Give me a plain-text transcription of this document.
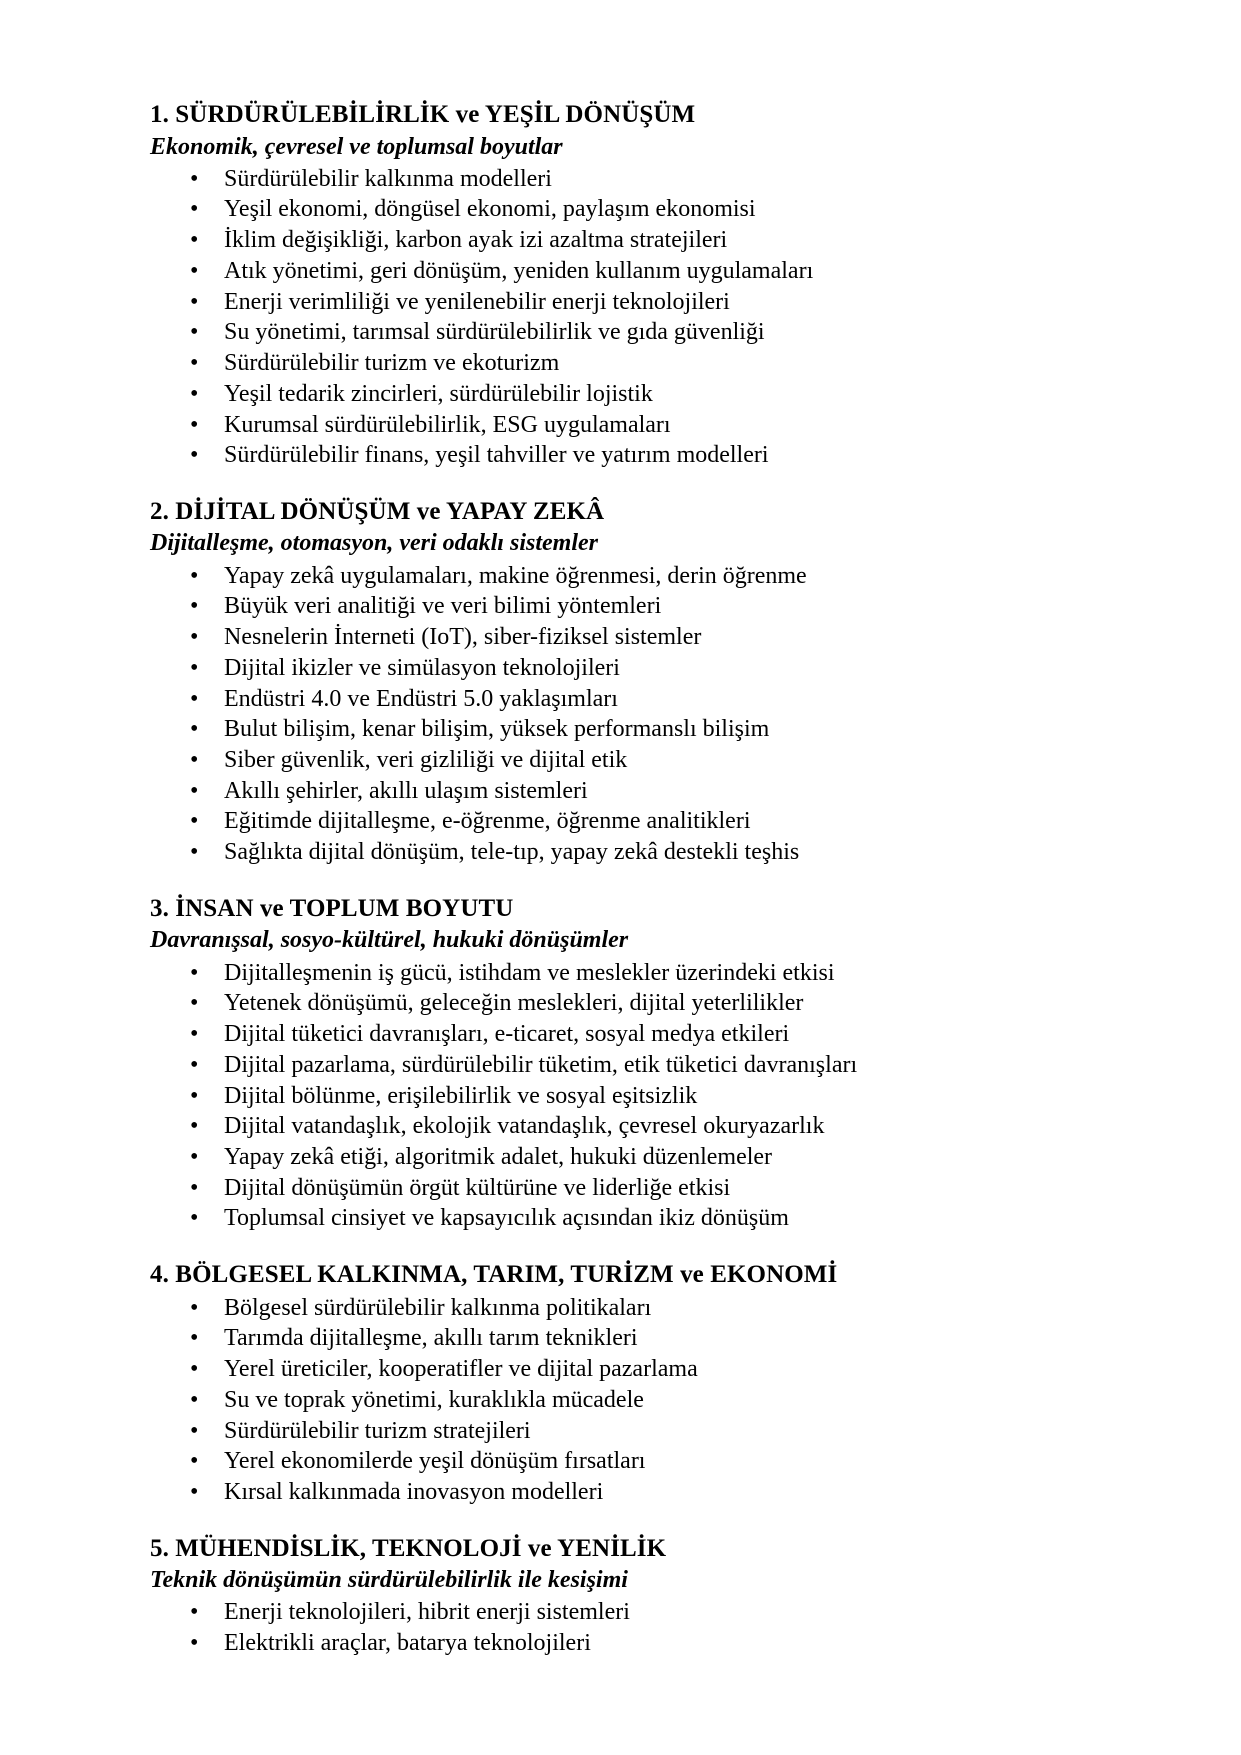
1. SÜRDÜRÜLEBİLİRLİK ve YEŞİL DÖNÜŞÜM
Ekonomik, çevresel ve toplumsal boyutlar
• Sürdürülebilir kalkınma modelleri
• Yeşil ekonomi, döngüsel ekonomi, paylaşım ekonomisi
• İklim değişikliği, karbon ayak izi azaltma stratejileri
• Atık yönetimi, geri dönüşüm, yeniden kullanım uygulamaları
• Enerji verimliliği ve yenilenebilir enerji teknolojileri
• Su yönetimi, tarımsal sürdürülebilirlik ve gıda güvenliği
• Sürdürülebilir turizm ve ekoturizm
• Yeşil tedarik zincirleri, sürdürülebilir lojistik
• Kurumsal sürdürülebilirlik, ESG uygulamaları
• Sürdürülebilir finans, yeşil tahviller ve yatırım modelleri
2. DİJİTAL DÖNÜŞÜM ve YAPAY ZEKÂ
Dijitalleşme, otomasyon, veri odaklı sistemler
• Yapay zekâ uygulamaları, makine öğrenmesi, derin öğrenme
• Büyük veri analitiği ve veri bilimi yöntemleri
• Nesnelerin İnterneti (IoT), siber-fiziksel sistemler
• Dijital ikizler ve simülasyon teknolojileri
• Endüstri 4.0 ve Endüstri 5.0 yaklaşımları
• Bulut bilişim, kenar bilişim, yüksek performanslı bilişim
• Siber güvenlik, veri gizliliği ve dijital etik
• Akıllı şehirler, akıllı ulaşım sistemleri
• Eğitimde dijitalleşme, e-öğrenme, öğrenme analitikleri
• Sağlıkta dijital dönüşüm, tele-tıp, yapay zekâ destekli teşhis
3. İNSAN ve TOPLUM BOYUTU
Davranışsal, sosyo-kültürel, hukuki dönüşümler
• Dijitalleşmenin iş gücü, istihdam ve meslekler üzerindeki etkisi
• Yetenek dönüşümü, geleceğin meslekleri, dijital yeterlilikler
• Dijital tüketici davranışları, e-ticaret, sosyal medya etkileri
• Dijital pazarlama, sürdürülebilir tüketim, etik tüketici davranışları
• Dijital bölünme, erişilebilirlik ve sosyal eşitsizlik
• Dijital vatandaşlık, ekolojik vatandaşlık, çevresel okuryazarlık
• Yapay zekâ etiği, algoritmik adalet, hukuki düzenlemeler
• Dijital dönüşümün örgüt kültürüne ve liderliğe etkisi
• Toplumsal cinsiyet ve kapsayıcılık açısından ikiz dönüşüm
4. BÖLGESEL KALKINMA, TARIM, TURİZM ve EKONOMİ
• Bölgesel sürdürülebilir kalkınma politikaları
• Tarımda dijitalleşme, akıllı tarım teknikleri
• Yerel üreticiler, kooperatifler ve dijital pazarlama
• Su ve toprak yönetimi, kuraklıkla mücadele
• Sürdürülebilir turizm stratejileri
• Yerel ekonomilerde yeşil dönüşüm fırsatları
• Kırsal kalkınmada inovasyon modelleri
5. MÜHENDİSLİK, TEKNOLOJİ ve YENİLİK
Teknik dönüşümün sürdürülebilirlik ile kesişimi
• Enerji teknolojileri, hibrit enerji sistemleri
• Elektrikli araçlar, batarya teknolojileri
